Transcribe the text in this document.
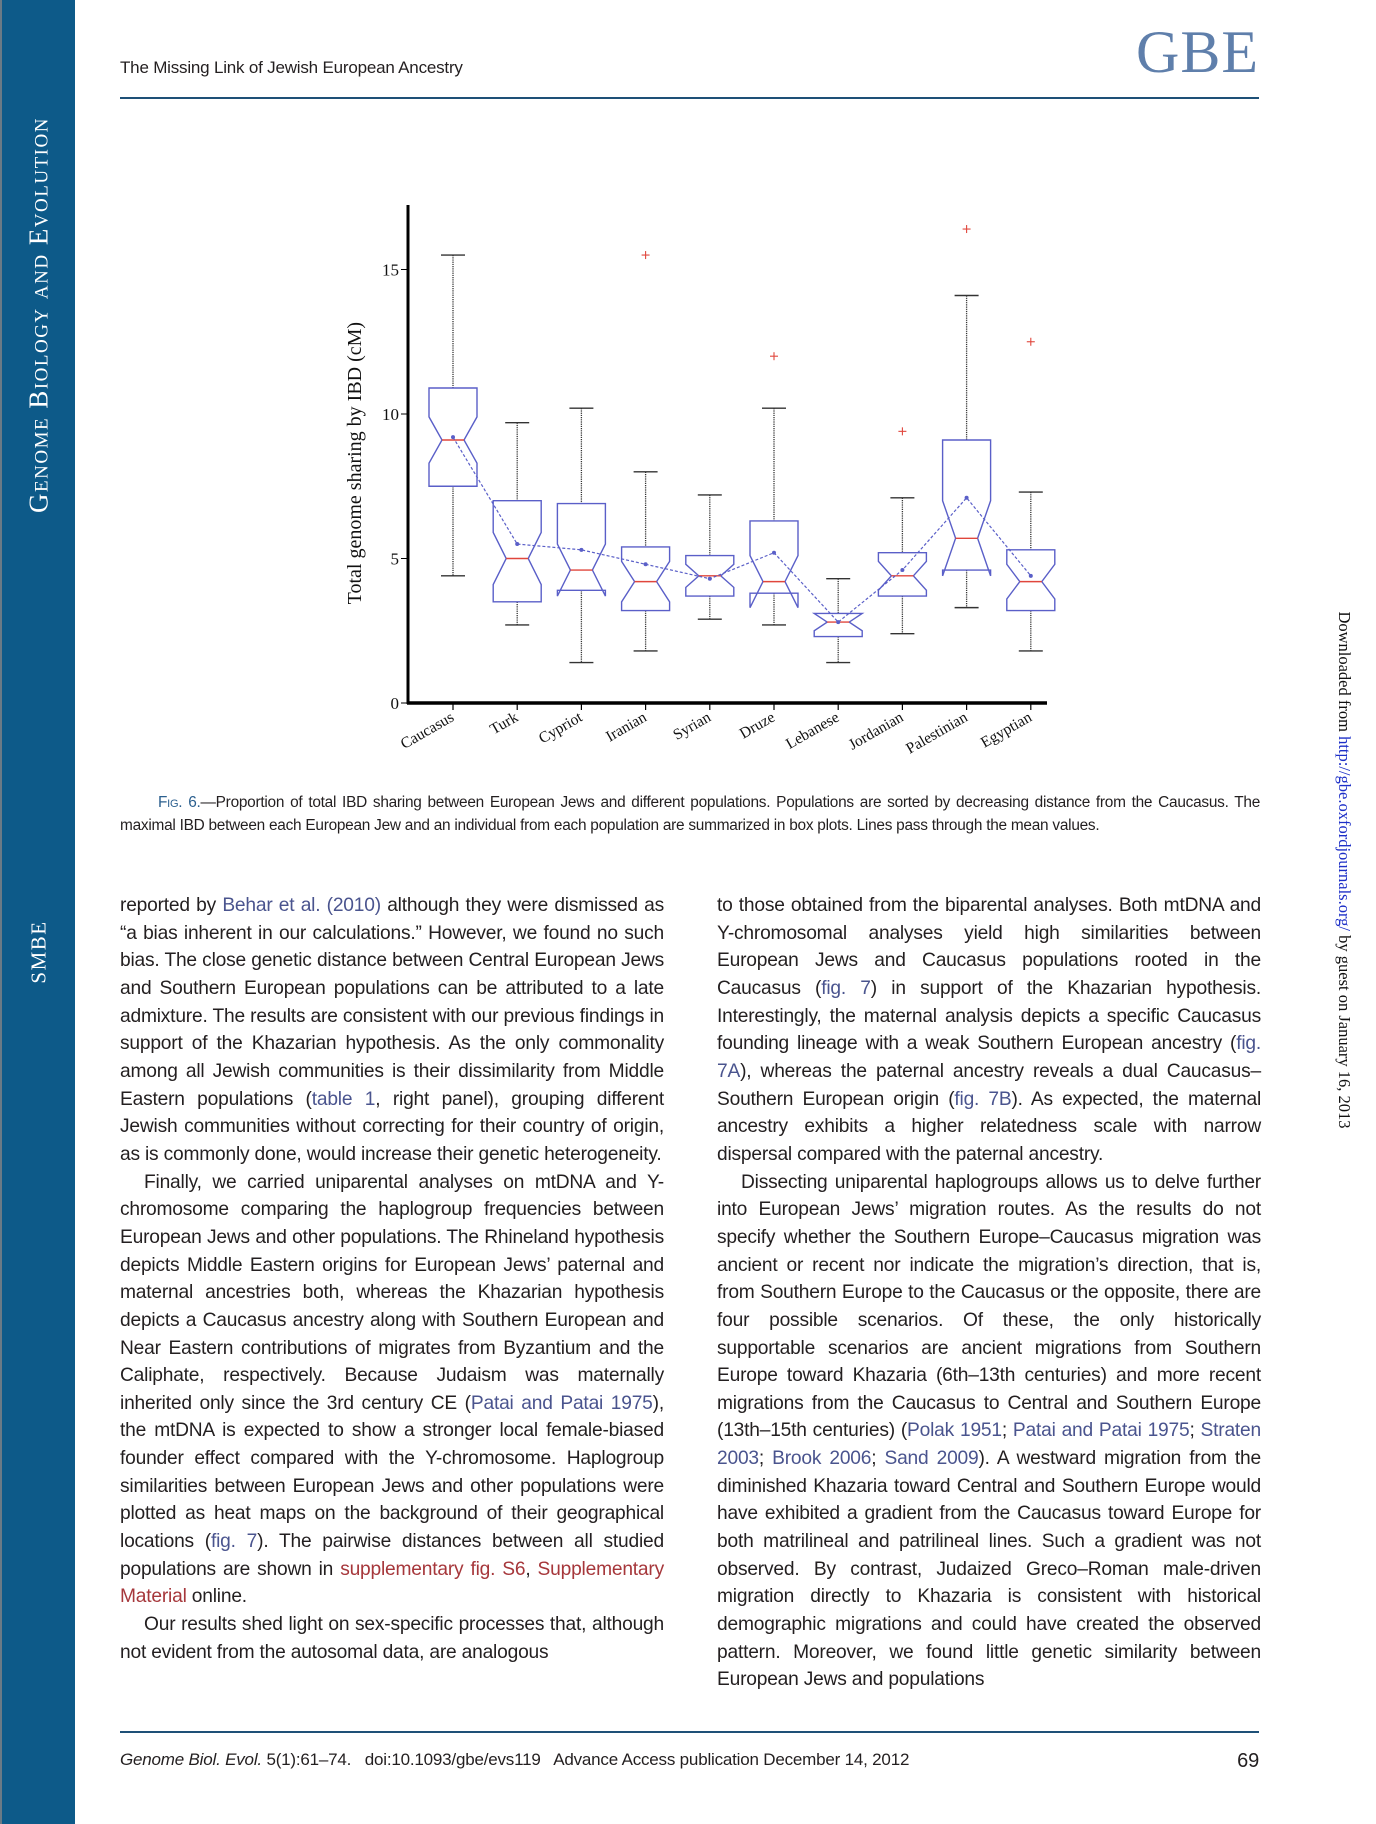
Genome Biology and Evolution
SMBE
The Missing Link of Jewish European Ancestry	GBE
0
5
10
15
Total genome sharing by IBD (cM)
Caucasus Turk Cypriot Iranian Syrian Druze Lebanese Jordanian
Palestinian Egyptian
Fig. 6.—Proportion of total IBD sharing between European Jews and different populations. Populations are sorted by decreasing distance from the Caucasus. The maximal IBD between each European Jew and an individual from each population are summarized in box plots. Lines pass through the mean values.

reported by Behar et al. (2010) although they were dismissed as “a bias inherent in our calculations.” However, we found no such bias. The close genetic distance between Central European Jews and Southern European populations can be attributed to a late admixture. The results are consistent with our previous findings in support of the Khazarian hypothesis. As the only commonality among all Jewish communities is their dissimilarity from Middle Eastern populations (table 1, right panel), grouping different Jewish communities without correcting for their country of origin, as is commonly done, would increase their genetic heterogeneity.

Finally, we carried uniparental analyses on mtDNA and Y-chromosome comparing the haplogroup frequencies between European Jews and other populations. The Rhineland hypothesis depicts Middle Eastern origins for European Jews’ paternal and maternal ancestries both, whereas the Khazarian hypothesis depicts a Caucasus ancestry along with Southern European and Near Eastern contributions of migrates from Byzantium and the Caliphate, respectively. Because Judaism was maternally inherited only since the 3rd century CE (Patai and Patai 1975), the mtDNA is expected to show a stronger local female-biased founder effect compared with the Y-chromosome. Haplogroup similarities between European Jews and other populations were plotted as heat maps on the background of their geographical locations (fig. 7). The pairwise distances between all studied populations are shown in supplementary fig. S6, Supplementary Material online.

Our results shed light on sex-specific processes that, although not evident from the autosomal data, are analogous

to those obtained from the biparental analyses. Both mtDNA and Y-chromosomal analyses yield high similarities between European Jews and Caucasus populations rooted in the Caucasus (fig. 7) in support of the Khazarian hypothesis. Interestingly, the maternal analysis depicts a specific Caucasus founding lineage with a weak Southern European ancestry (fig. 7A), whereas the paternal ancestry reveals a dual Caucasus–Southern European origin (fig. 7B). As expected, the maternal ancestry exhibits a higher relatedness scale with narrow dispersal compared with the paternal ancestry.

Dissecting uniparental haplogroups allows us to delve further into European Jews’ migration routes. As the results do not specify whether the Southern Europe–Caucasus migration was ancient or recent nor indicate the migration’s direction, that is, from Southern Europe to the Caucasus or the opposite, there are four possible scenarios. Of these, the only historically supportable scenarios are ancient migrations from Southern Europe toward Khazaria (6th–13th centuries) and more recent migrations from the Caucasus to Central and Southern Europe (13th–15th centuries) (Polak 1951; Patai and Patai 1975; Straten 2003; Brook 2006; Sand 2009). A westward migration from the diminished Khazaria toward Central and Southern Europe would have exhibited a gradient from the Caucasus toward Europe for both matrilineal and patrilineal lines. Such a gradient was not observed. By contrast, Judaized Greco–Roman male-driven migration directly to Khazaria is consistent with historical demographic migrations and could have created the observed pattern. Moreover, we found little genetic similarity between European Jews and populations

Downloaded from http://gbe.oxfordjournals.org/ by guest on January 16, 2013
Genome Biol. Evol. 5(1):61–74.   doi:10.1093/gbe/evs119   Advance Access publication December 14, 2012	69
